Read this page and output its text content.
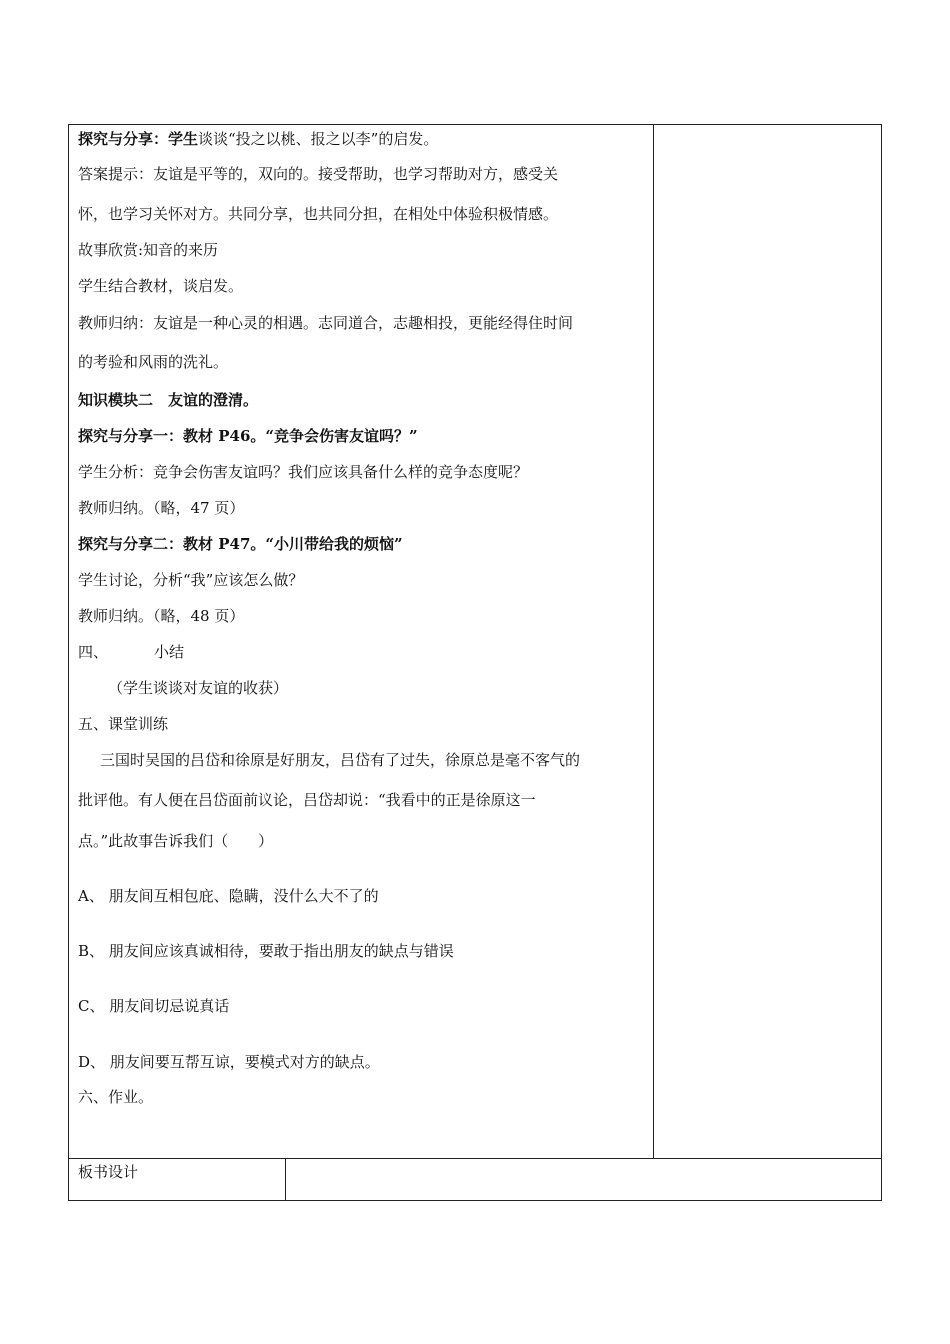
探究与分享：学生谈谈“投之以桃、报之以李”的启发。
答案提示：友谊是平等的，双向的。接受帮助，也学习帮助对方，感受关
怀，也学习关怀对方。共同分享，也共同分担，在相处中体验积极情感。
故事欣赏:知音的来历
学生结合教材，谈启发。
教师归纳：友谊是一种心灵的相遇。志同道合，志趣相投，更能经得住时间
的考验和风雨的洗礼。
知识模块二　友谊的澄清。
探究与分享一：教材 P46。“竞争会伤害友谊吗？”
学生分析：竞争会伤害友谊吗？我们应该具备什么样的竞争态度呢？
教师归纳。（略，47 页）
探究与分享二：教材 P47。“小川带给我的烦恼”
学生讨论，分析“我”应该怎么做？
教师归纳。（略，48 页）
四、	小结
（学生谈谈对友谊的收获）
五、课堂训练
三国时吴国的吕岱和徐原是好朋友，吕岱有了过失，徐原总是毫不客气的
批评他。有人便在吕岱面前议论，吕岱却说：“我看中的正是徐原这一
点。”此故事告诉我们（　　）
A、 朋友间互相包庇、隐瞒，没什么大不了的
B、 朋友间应该真诚相待，要敢于指出朋友的缺点与错误
C、 朋友间切忌说真话
D、 朋友间要互帮互谅，要模式对方的缺点。
六、作业。
板书设计
